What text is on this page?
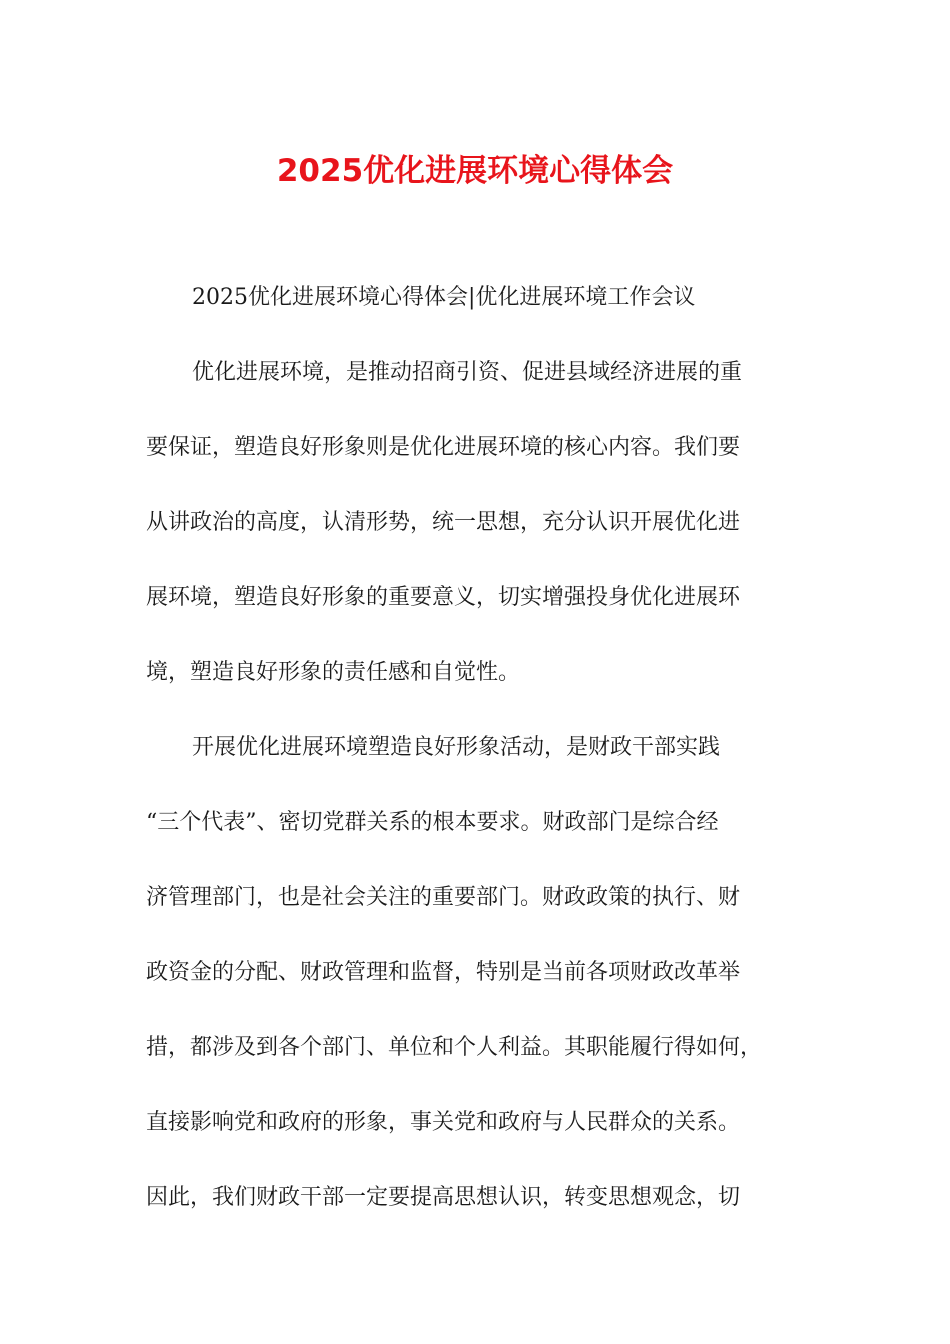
2025优化进展环境心得体会

2025优化进展环境心得体会|优化进展环境工作会议

优化进展环境，是推动招商引资、促进县域经济进展的重

要保证，塑造良好形象则是优化进展环境的核心内容。我们要

从讲政治的高度，认清形势，统一思想，充分认识开展优化进

展环境，塑造良好形象的重要意义，切实增强投身优化进展环

境，塑造良好形象的责任感和自觉性。

开展优化进展环境塑造良好形象活动，是财政干部实践

“三个代表”、密切党群关系的根本要求。财政部门是综合经

济管理部门，也是社会关注的重要部门。财政政策的执行、财

政资金的分配、财政管理和监督，特别是当前各项财政改革举

措，都涉及到各个部门、单位和个人利益。其职能履行得如何，

直接影响党和政府的形象，事关党和政府与人民群众的关系。

因此，我们财政干部一定要提高思想认识，转变思想观念，切
